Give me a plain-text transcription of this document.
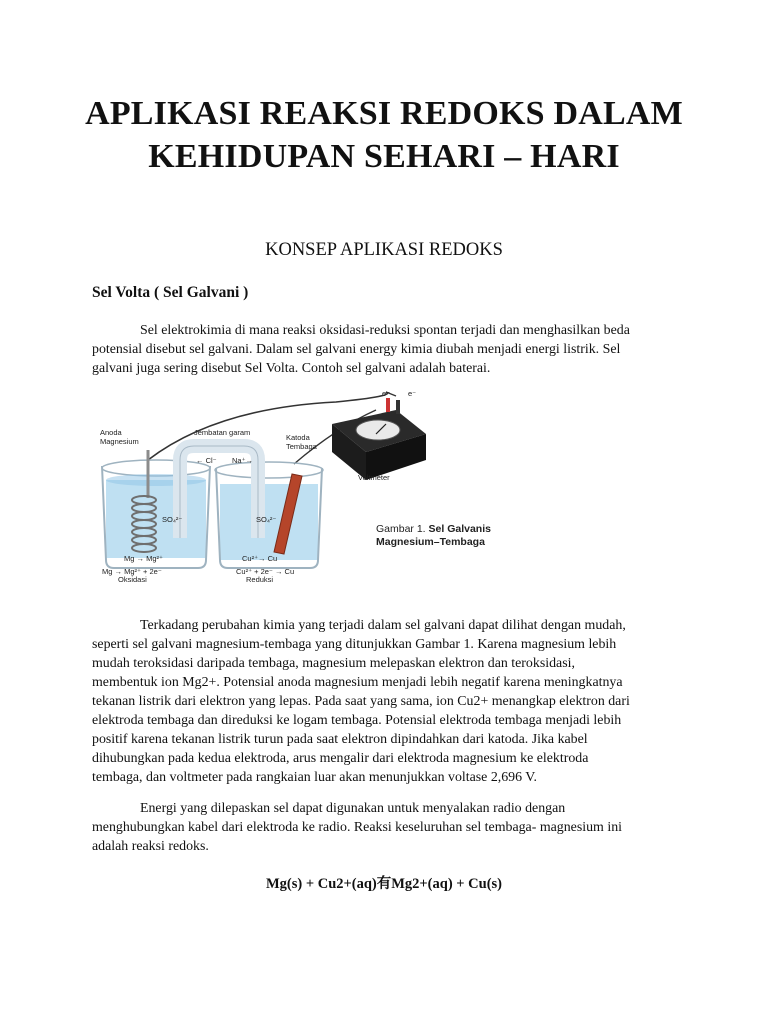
APLIKASI REAKSI REDOKS DALAM
KEHIDUPAN SEHARI – HARI
KONSEP APLIKASI REDOKS
Sel Volta ( Sel Galvani )

Sel elektrokimia di mana reaksi oksidasi-reduksi spontan terjadi dan menghasilkan beda
potensial disebut sel galvani. Dalam sel galvani energy kimia diubah menjadi energi listrik. Sel
galvani juga sering disebut Sel Volta. Contoh sel galvani adalah baterai.

Anoda Magnesium
Jembatan garam
Katoda Tembaga
← Cl⁻ Na⁺→
SO₄²⁻	SO₄²⁻
Mg → Mg²⁺	Cu²⁺→ Cu
Mg → Mg²⁺ + 2e⁻
Oksidasi
Cu²⁺ + 2e⁻ → Cu
Reduksi
Voltmeter
e⁻ e⁻
Gambar 1. Sel Galvanis
Magnesium–Tembaga

Terkadang perubahan kimia yang terjadi dalam sel galvani dapat dilihat dengan mudah,
seperti sel galvani magnesium-tembaga yang ditunjukkan Gambar 1. Karena magnesium lebih
mudah teroksidasi daripada tembaga, magnesium melepaskan elektron dan teroksidasi,
membentuk ion Mg2+. Potensial anoda magnesium menjadi lebih negatif karena meningkatnya
tekanan listrik dari elektron yang lepas. Pada saat yang sama, ion Cu2+ menangkap elektron dari
elektroda tembaga dan direduksi ke logam tembaga. Potensial elektroda tembaga menjadi lebih
positif karena tekanan listrik turun pada saat elektron dipindahkan dari katoda. Jika kabel
dihubungkan pada kedua elektroda, arus mengalir dari elektroda magnesium ke elektroda
tembaga, dan voltmeter pada rangkaian luar akan menunjukkan voltase 2,696 V.

Energi yang dilepaskan sel dapat digunakan untuk menyalakan radio dengan
menghubungkan kabel dari elektroda ke radio. Reaksi keseluruhan sel tembaga- magnesium ini
adalah reaksi redoks.

Mg(s) + Cu2+(aq)有Mg2+(aq) + Cu(s)
